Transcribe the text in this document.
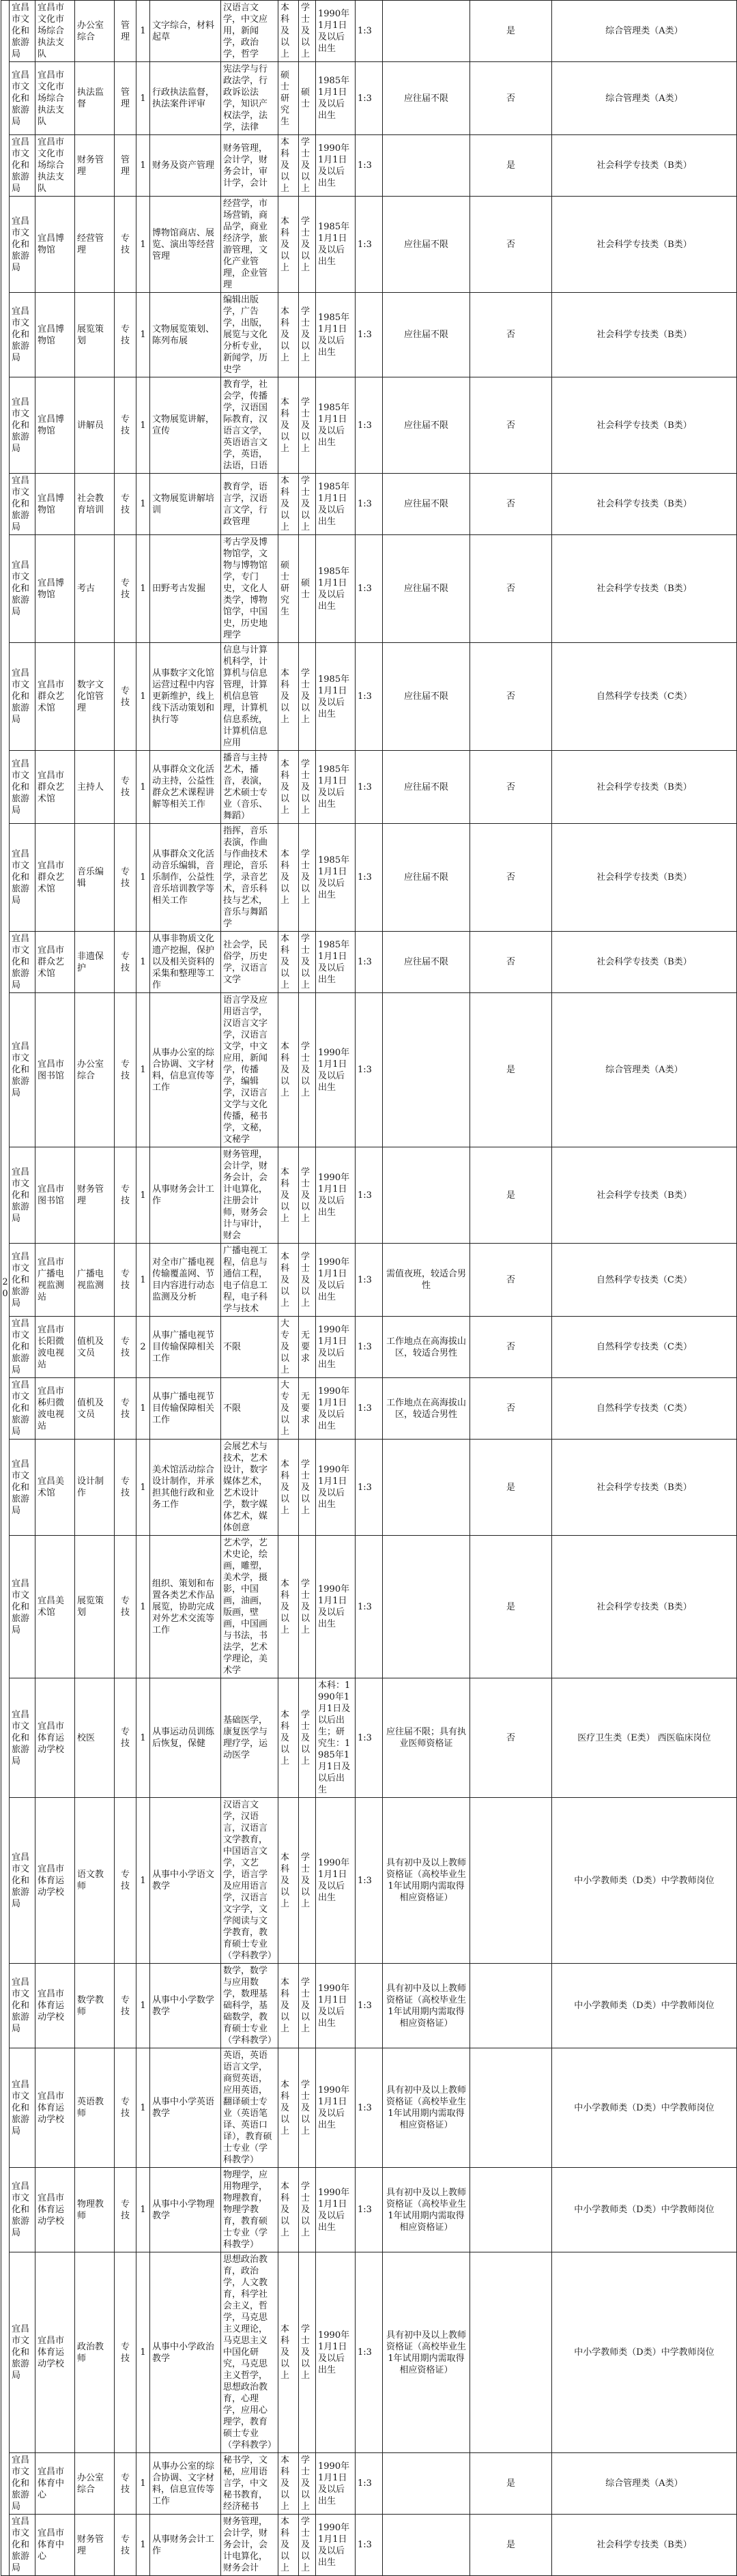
20	宜昌市文化和旅游局	宜昌市文化市场综合执法支队	办公室综合	管理	1	文字综合，材料起草	汉语言文学，中文应用，新闻学，政治学，哲学	本科及以上	学士及以上	1990年1月1日及以后出生	1:3		是	综合管理类（A类）
	宜昌市文化和旅游局	宜昌市文化市场综合执法支队	执法监督	管理	1	行政执法监督，执法案件评审	宪法学与行政法学，行政诉讼法学，知识产权法学，法学，法律	硕士研究生	硕士	1985年1月1日及以后出生	1:3	应往届不限	否	综合管理类（A类）
	宜昌市文化和旅游局	宜昌市文化市场综合执法支队	财务管理	管理	1	财务及资产管理	财务管理，会计学，财务会计，审计学，会计	本科及以上	学士及以上	1990年1月1日及以后出生	1:3		是	社会科学专技类（B类）
	宜昌市文化和旅游局	宜昌博物馆	经营管理	专技	1	博物馆商店、展览、演出等经营管理	经营学，市场营销，商品学，商业经济学，旅游管理，文化产业管理，企业管理	本科及以上	学士及以上	1985年1月1日及以后出生	1:3	应往届不限	否	社会科学专技类（B类）
	宜昌市文化和旅游局	宜昌博物馆	展览策划	专技	1	文物展览策划、陈列布展	编辑出版学，广告学，出版，展览与文化分析专业，新闻学，历史学	本科及以上	学士及以上	1985年1月1日及以后出生	1:3	应往届不限	否	社会科学专技类（B类）
	宜昌市文化和旅游局	宜昌博物馆	讲解员	专技	1	文物展览讲解，宣传	教育学，社会学，传播学，汉语国际教育，汉语言文学，英语语言文学，英语，法语，日语	本科及以上	学士及以上	1985年1月1日及以后出生	1:3	应往届不限	否	社会科学专技类（B类）
	宜昌市文化和旅游局	宜昌博物馆	社会教育培训	专技	1	文物展览讲解培训	教育学，语言学，汉语言文学，行政管理	本科及以上	学士及以上	1985年1月1日及以后出生	1:3	应往届不限	否	社会科学专技类（B类）
	宜昌市文化和旅游局	宜昌博物馆	考古	专技	1	田野考古发掘	考古学及博物馆学，文物与博物馆学，专门史，文化人类学，博物馆学，中国史，历史地理学	硕士研究生	硕士	1985年1月1日及以后出生	1:3	应往届不限	否	社会科学专技类（B类）
	宜昌市文化和旅游局	宜昌市群众艺术馆	数字文化馆管理	专技	1	从事数字文化馆运营过程中内容更新维护，线上线下活动策划和执行等	信息与计算机科学，计算机与信息管理，计算机信息管理，计算机信息系统，计算机信息应用	本科及以上	学士及以上	1985年1月1日及以后出生	1:3	应往届不限	否	自然科学专技类（C类）
	宜昌市文化和旅游局	宜昌市群众艺术馆	主持人	专技	1	从事群众文化活动主持，公益性群众艺术课程讲解等相关工作	播音与主持艺术，播音，表演，艺术硕士专业（音乐、舞蹈）	本科及以上	学士及以上	1985年1月1日及以后出生	1:3	应往届不限	否	社会科学专技类（B类）
	宜昌市文化和旅游局	宜昌市群众艺术馆	音乐编辑	专技	1	从事群众文化活动音乐编辑，音乐制作，公益性音乐培训教学等相关工作	指挥，音乐表演，作曲与作曲技术理论，音乐学，录音艺术，音乐科技与艺术，音乐与舞蹈学	本科及以上	学士及以上	1985年1月1日及以后出生	1:3	应往届不限	否	社会科学专技类（B类）
	宜昌市文化和旅游局	宜昌市群众艺术馆	非遗保护	专技	1	从事非物质文化遗产挖掘，保护以及相关资料的采集和整理等工作	社会学，民俗学，历史学，汉语言文学	本科及以上	学士及以上	1985年1月1日及以后出生	1:3	应往届不限	否	社会科学专技类（B类）
	宜昌市文化和旅游局	宜昌市图书馆	办公室综合	专技	1	从事办公室的综合协调、文字材料，信息宣传等工作	语言学及应用语言学，汉语言文字学，汉语言文学，中文应用，新闻学，传播学，编辑学，汉语言文学与文化传播，秘书学，文秘，文秘学	本科及以上	学士及以上	1990年1月1日及以后出生	1:3		是	综合管理类（A类）
	宜昌市文化和旅游局	宜昌市图书馆	财务管理	专技	1	从事财务会计工作	财务管理，会计学，财务会计，会计电算化，注册会计师，财务会计与审计，财会	本科及以上	学士及以上	1990年1月1日及以后出生	1:3		是	社会科学专技类（B类）
	宜昌市文化和旅游局	宜昌市广播电视监测站	广播电视监测	专技	1	对全市广播电视传输覆盖网、节目内容进行动态监测及分析	广播电视工程，信息与通信工程，电子信息工程，电子科学与技术	本科及以上	学士及以上	1990年1月1日及以后出生	1:3	需值夜班，较适合男性	否	自然科学专技类（C类）
	宜昌市文化和旅游局	宜昌市长阳微波电视站	值机及文员	专技	2	从事广播电视节目传输保障相关工作	不限	大专及以上	无要求	1990年1月1日及以后出生	1:3	工作地点在高海拔山区，较适合男性	否	自然科学专技类（C类）
	宜昌市文化和旅游局	宜昌市秭归微波电视站	值机及文员	专技	1	从事广播电视节目传输保障相关工作	不限	大专及以上	无要求	1990年1月1日及以后出生	1:3	工作地点在高海拔山区，较适合男性	否	自然科学专技类（C类）
	宜昌市文化和旅游局	宜昌美术馆	设计制作	专技	1	美术馆活动综合设计制作，并承担其他行政和业务工作	会展艺术与技术，艺术设计，数字媒体艺术，艺术设计学，数字媒体艺术，媒体创意	本科及以上	学士及以上	1990年1月1日及以后出生	1:3		是	社会科学专技类（B类）
	宜昌市文化和旅游局	宜昌美术馆	展览策划	专技	1	组织、策划和布置各类艺术作品展览，协助完成对外艺术交流等工作	艺术学，艺术史论，绘画，雕塑，美术学，摄影，中国画，油画，版画，壁画，中国画与书法，书法学，艺术学理论，美术学	本科及以上	学士及以上	1990年1月1日及以后出生	1:3		是	社会科学专技类（B类）
	宜昌市文化和旅游局	宜昌市体育运动学校	校医	专技	1	从事运动员训练后恢复，保健	基础医学，康复医学与理疗学，运动医学	本科及以上	学士及以上	本科：1990年1月1日及以后出生；研究生：1985年1月1日及以后出生	1:3	应往届不限；具有执业医师资格证	否	医疗卫生类（E类） 西医临床岗位
	宜昌市文化和旅游局	宜昌市体育运动学校	语文教师	专技	1	从事中小学语文教学	汉语言文学，汉语言，汉语言文学教育，中国语言文学，文艺学，语言学及应用语言学，汉语言文字学，文学阅读与文学教育，教育硕士专业（学科教学）	本科及以上	学士及以上	1990年1月1日及以后出生	1:3	具有初中及以上教师资格证（高校毕业生1年试用期内需取得相应资格证）		中小学教师类（D类）中学教师岗位
	宜昌市文化和旅游局	宜昌市体育运动学校	数学教师	专技	1	从事中小学数学教学	数学，数学与应用数学，数理基础科学，基础数学，教育硕士专业（学科教学）	本科及以上	学士及以上	1990年1月1日及以后出生	1:3	具有初中及以上教师资格证（高校毕业生1年试用期内需取得相应资格证）		中小学教师类（D类）中学教师岗位
	宜昌市文化和旅游局	宜昌市体育运动学校	英语教师	专技	1	从事中小学英语教学	英语，英语语言文学，商贸英语，应用英语，翻译硕士专业（英语笔译、英语口译），教育硕士专业（学科教学）	本科及以上	学士及以上	1990年1月1日及以后出生	1:3	具有初中及以上教师资格证（高校毕业生1年试用期内需取得相应资格证）		中小学教师类（D类）中学教师岗位
	宜昌市文化和旅游局	宜昌市体育运动学校	物理教师	专技	1	从事中小学物理教学	物理学，应用物理学，物理教育，物理学教育，教育硕士专业（学科教学）	本科及以上	学士及以上	1990年1月1日及以后出生	1:3	具有初中及以上教师资格证（高校毕业生1年试用期内需取得相应资格证）		中小学教师类（D类）中学教师岗位
	宜昌市文化和旅游局	宜昌市体育运动学校	政治教师	专技	1	从事中小学政治教学	思想政治教育，政治学，人文教育，科学社会主义，哲学，马克思主义理论，马克思主义中国化研究，马克思主义哲学，思想政治教育，心理学，应用心理学，教育硕士专业（学科教学）	本科及以上	学士及以上	1990年1月1日及以后出生	1:3	具有初中及以上教师资格证（高校毕业生1年试用期内需取得相应资格证）		中小学教师类（D类）中学教师岗位
	宜昌市文化和旅游局	宜昌市体育中心	办公室综合	专技	1	从事办公室的综合协调、文字材料，信息宣传等工作	秘书学，文秘，应用语言学，中文秘书教育，经济秘书	本科及以上	学士及以上	1990年1月1日及以后出生	1:3		是	综合管理类（A类）
	宜昌市文化和旅游局	宜昌市体育中心	财务管理	专技	1	从事财务会计工作	财务管理，会计学，财务会计，会计电算化，财务会计	本科及以上	学士及以上	1990年1月1日及以后出生	1:3		是	社会科学专技类（B类）
